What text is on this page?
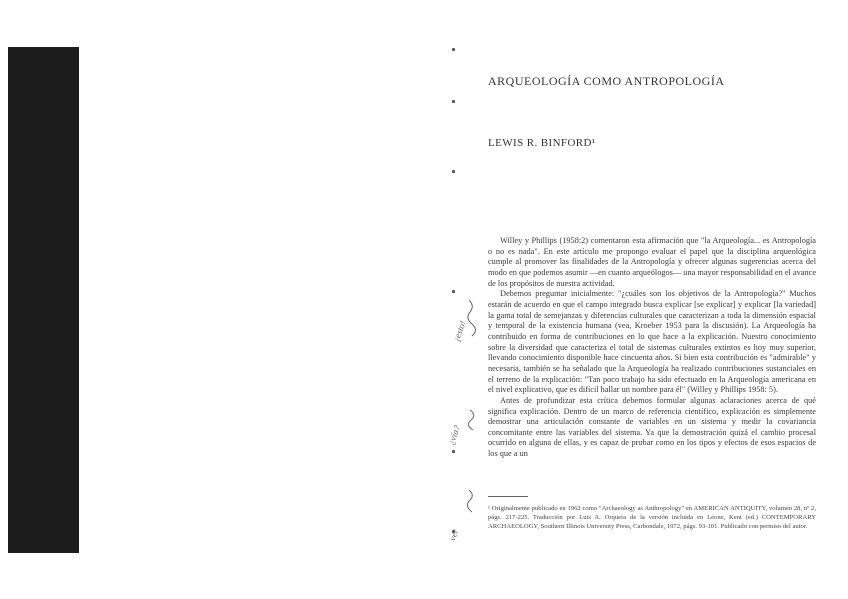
¡esto!
¿vía?
ver
ARQUEOLOGÍA COMO ANTROPOLOGÍA
LEWIS R. BINFORD¹

Willey y Phillips (1958:2) comentaron esta afirmación que "la Arqueología... es Antropología o no es nada". En este artículo me propongo evaluar el papel que la disciplina arqueológica cumple al promover las finalidades de la Antropología y ofrecer algunas sugerencias acerca del modo en que podemos asumir —en cuanto arqueólogos— una mayor responsabilidad en el avance de los propósitos de nuestra actividad.

Debemos preguntar inicialmente: "¿cuáles son los objetivos de la Antropología?" Muchos estarán de acuerdo en que el campo integrado busca explicar [se explicar] y explicar [la variedad] la gama total de semejanzas y diferencias culturales que caracterizan a toda la dimensión espacial y temporal de la existencia humana (vea, Kroeber 1953 para la discusión). La Arqueología ha contribuido en forma de contribuciones en lo que hace a la explicación. Nuestro conocimiento sobre la diversidad que caracteriza el total de sistemas culturales extintos es hoy muy superior, llevando conocimiento disponible hace cincuenta años. Si bien esta contribución es "admirable" y necesaria, también se ha señalado que la Arqueología ha realizado contribuciones sustanciales en el terreno de la explicación: "Tan poco trabajo ha sido efectuado en la Arqueología americana en el nivel explicativo, que es difícil hallar un nombre para él" (Willey y Phillips 1958: 5).

Antes de profundizar esta crítica debemos formular algunas aclaraciones acerca de qué significa explicación. Dentro de un marco de referencia científico, explicación es simplemente demostrar una articulación constante de variables en un sistema y medir la covariancia concomitante entre las variables del sistema. Ya que la demostración quizá el cambio procesal ocurrido en alguna de ellas, y es capaz de probar como en los tipos y efectos de esos espacios de los que a un

¹ Originalmente publicado en 1962 como "Archaeology as Anthropology" en AMERICAN ANTIQUITY, volumen 28, nº 2, págs. 217-225. Traducción por Luis A. Orquera de la versión incluida en Leone, Kent (ed.) CONTEMPORARY ARCHAEOLOGY, Southern Illinois University Press, Carbondale, 1972, págs. 93-101. Publicado con permiso del autor.
